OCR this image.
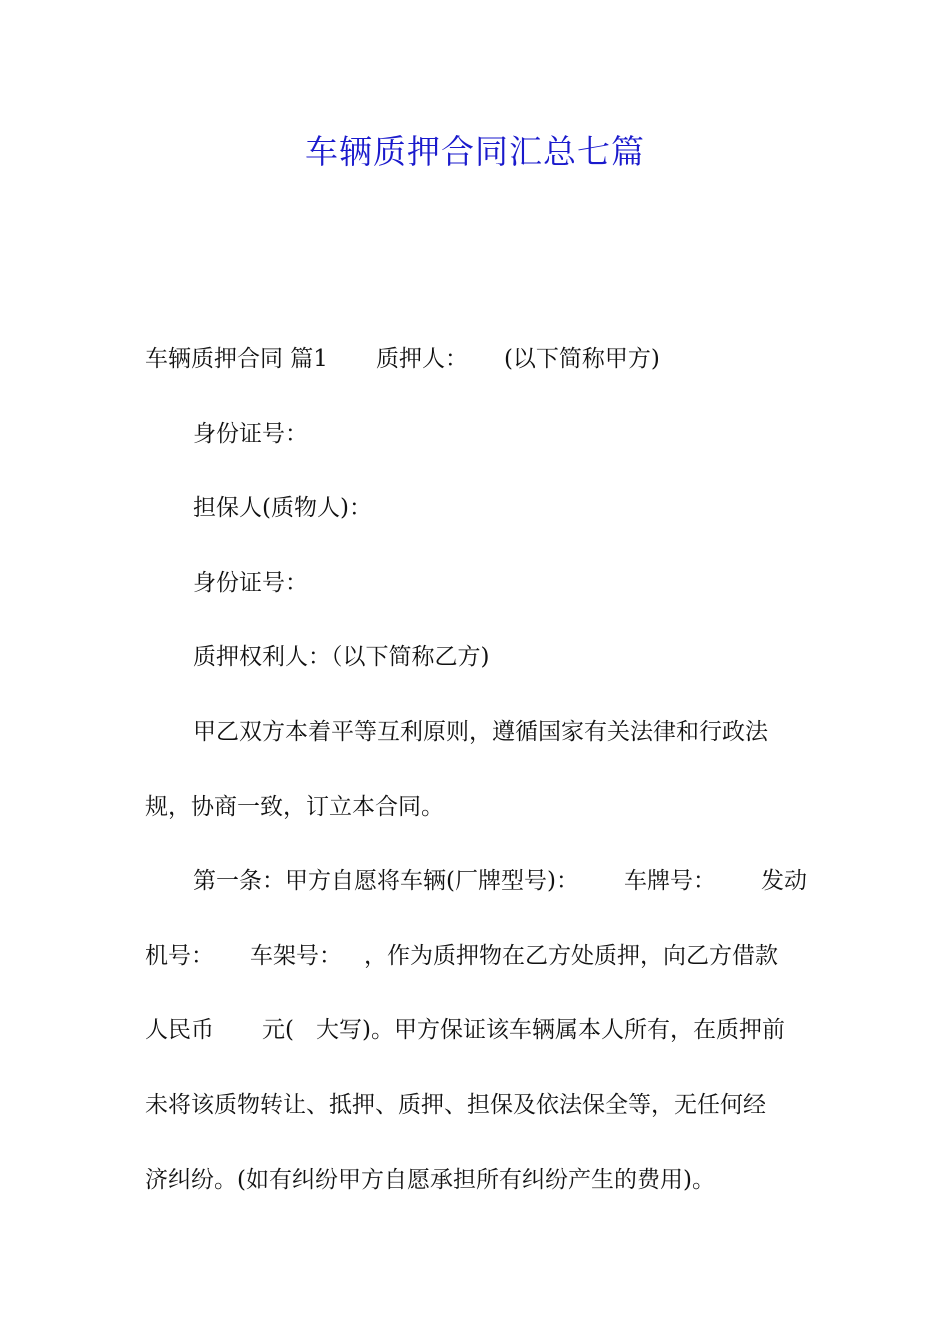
车辆质押合同汇总七篇
车辆质押合同 篇1 质押人： (以下简称甲方)
身份证号：
担保人(质物人)：
身份证号：
质押权利人：（以下简称乙方)
甲乙双方本着平等互利原则，遵循国家有关法律和行政法
规，协商一致，订立本合同。
第一条：甲方自愿将车辆(厂牌型号)： 车牌号： 发动
机号： 车架号： ，作为质押物在乙方处质押，向乙方借款
人民币 元( 大写)。甲方保证该车辆属本人所有，在质押前
未将该质物转让、抵押、质押、担保及依法保全等，无任何经
济纠纷。(如有纠纷甲方自愿承担所有纠纷产生的费用)。
